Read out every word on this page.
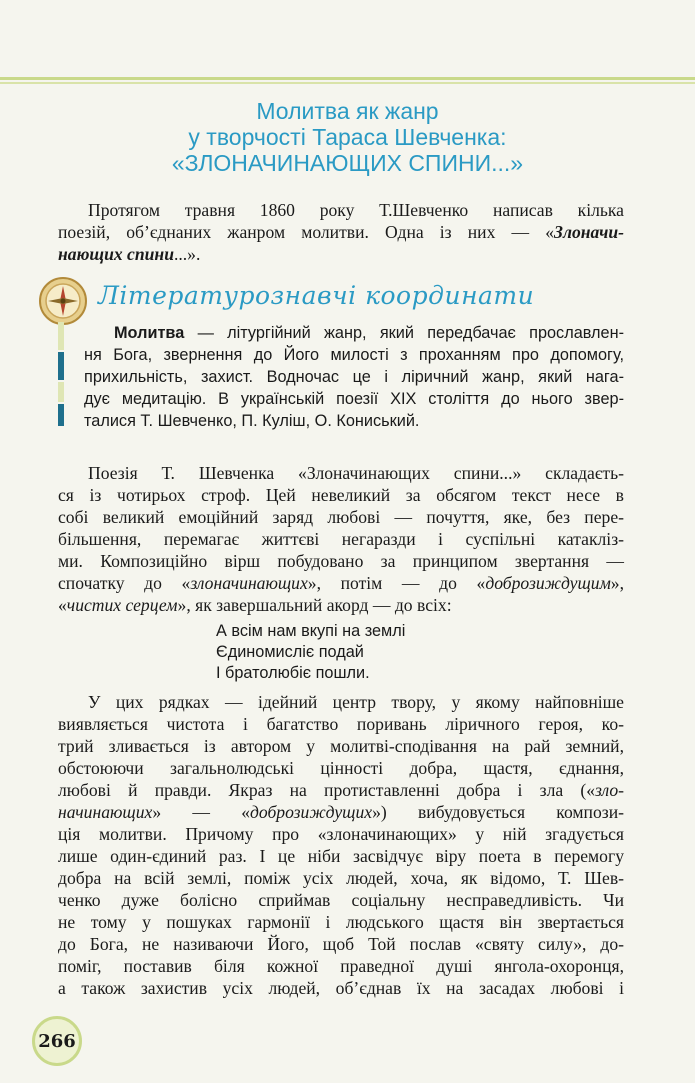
Молитва як жанр
у творчості Тараса Шевченка:
«ЗЛОНАЧИНАЮЩИХ СПИНИ...»
Протягом травня 1860 року Т.Шевченко написав кілька
поезій, об’єднаних жанром молитви. Одна із них — «Злоначи-
нающих спини...».
Літературознавчі координати
Молитва — літургійний жанр, який передбачає прославлен-
ня Бога, звернення до Його милості з проханням про допомогу,
прихильність, захист. Водночас це і ліричний жанр, який нага-
дує медитацію. В українській поезії XIX століття до нього звер-
талися Т. Шевченко, П. Куліш, О. Кониський.
Поезія Т. Шевченка «Злоначинающих спини...» складаєть-
ся із чотирьох строф. Цей невеликий за обсягом текст несе в
собі великий емоційний заряд любові — почуття, яке, без пере-
більшення, перемагає життєві негаразди і суспільні катаклiз-
ми. Композиційно вірш побудовано за принципом звертання —
спочатку до «злоначинающих», потім — до «доброзиждущим»,
«чистих серцем», як завершальний акорд — до всіх:
А всім нам вкупі на землі
Єдиномисліє подай
І братолюбіє пошли.
У цих рядках — ідейний центр твору, у якому найповніше
виявляється чистота і багатство поривань ліричного героя, ко-
трий зливається із автором у молитві-сподівання на рай земний,
обстоюючи загальнолюдські цінності добра, щастя, єднання,
любові й правди. Якраз на протиставленні добра і зла («зло-
начинающих» — «доброзиждущих») вибудовується компози-
ція молитви. Причому про «злоначинающих» у ній згадується
лише один-єдиний раз. І це ніби засвідчує віру поета в перемогу
добра на всій землі, поміж усіх людей, хоча, як відомо, Т. Шев-
ченко дуже болісно сприймав соціальну несправедливість. Чи
не тому у пошуках гармонії і людського щастя він звертається
до Бога, не називаючи Його, щоб Той послав «святу силу», до-
поміг, поставив біля кожної праведної душі янгола-охоронця,
а також захистив усіх людей, об’єднав їх на засадах любові і
266
